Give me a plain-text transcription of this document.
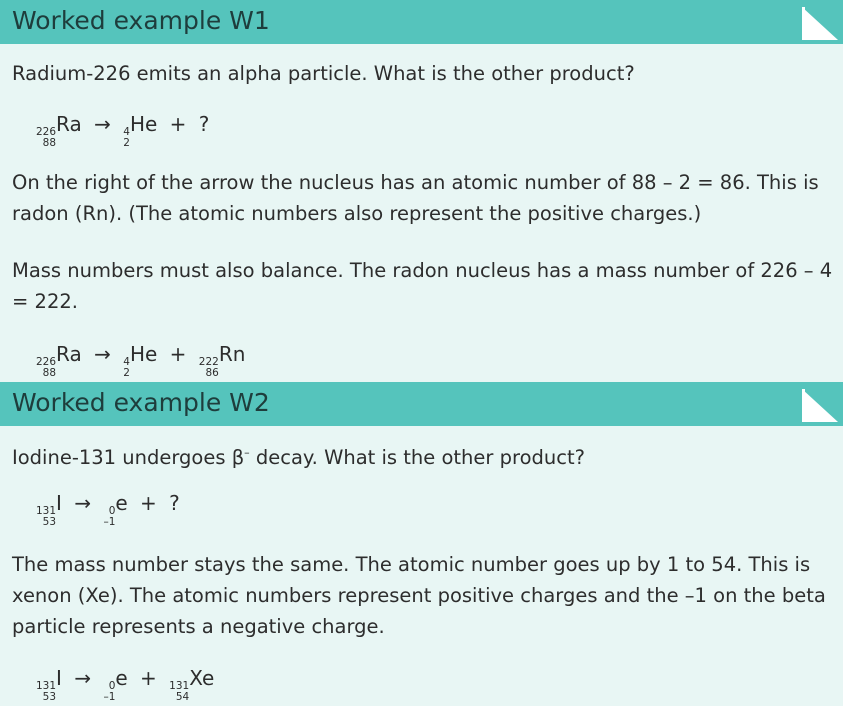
Worked example W1
Radium-226 emits an alpha particle. What is the other product?
226
88
Ra → 4
2
He + ?
On the right of the arrow the nucleus has an atomic number of 88 – 2 = 86. This is radon (Rn). (The atomic numbers also represent the positive charges.)
Mass numbers must also balance. The radon nucleus has a mass number of 226 – 4 = 222.
226
88
Ra → 4
2
He + 222
86
Rn
Worked example W2
Iodine-131 undergoes β– decay. What is the other product?
131
53
I → 0
–1
e + ?
The mass number stays the same. The atomic number goes up by 1 to 54. This is xenon (Xe). The atomic numbers represent positive charges and the –1 on the beta particle represents a negative charge.
131
53
I → 0
–1
e + 131
54
Xe
